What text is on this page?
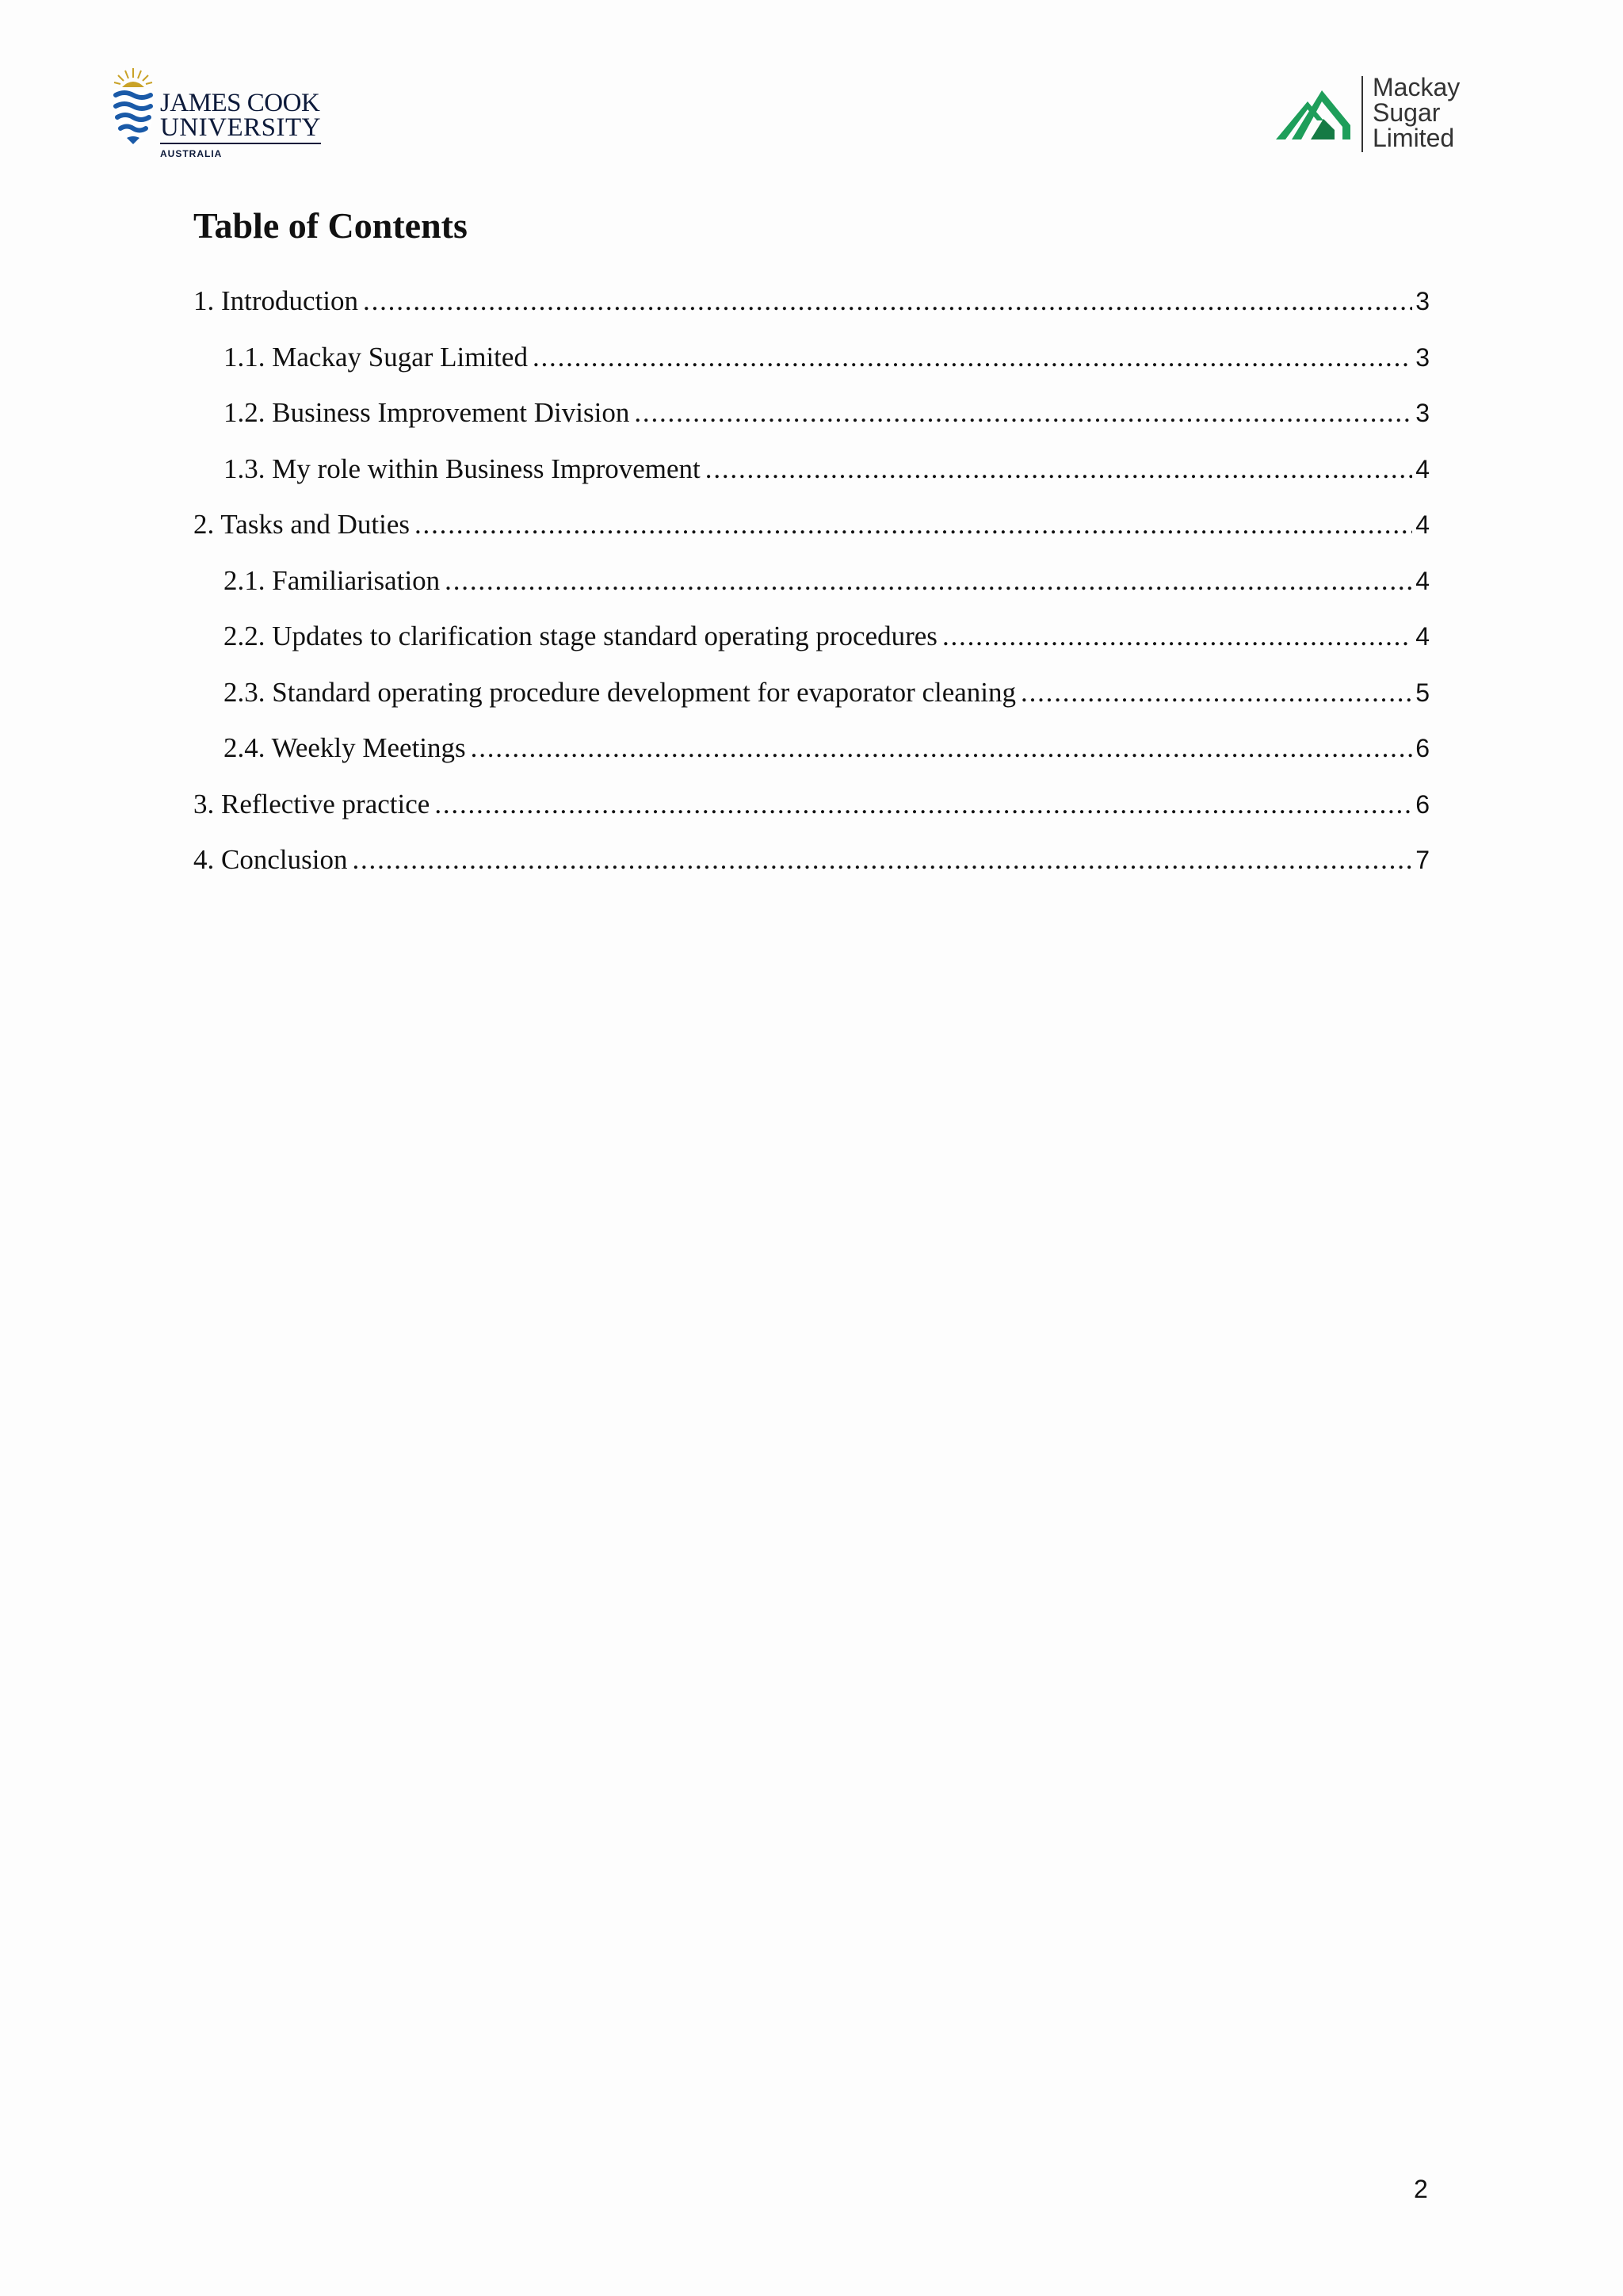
JAMES COOK
UNIVERSITY
AUSTRALIA
Mackay
Sugar
Limited
Table of Contents
1. Introduction .....	3
1.1. Mackay Sugar Limited .....	3
1.2. Business Improvement Division .....	3
1.3. My role within Business Improvement .....	4
2. Tasks and Duties .....	4
2.1. Familiarisation .....	4
2.2. Updates to clarification stage standard operating procedures .....	4
2.3. Standard operating procedure development for evaporator cleaning .....	5
2.4. Weekly Meetings .....	6
3. Reflective practice .....	6
4. Conclusion .....	7
2
